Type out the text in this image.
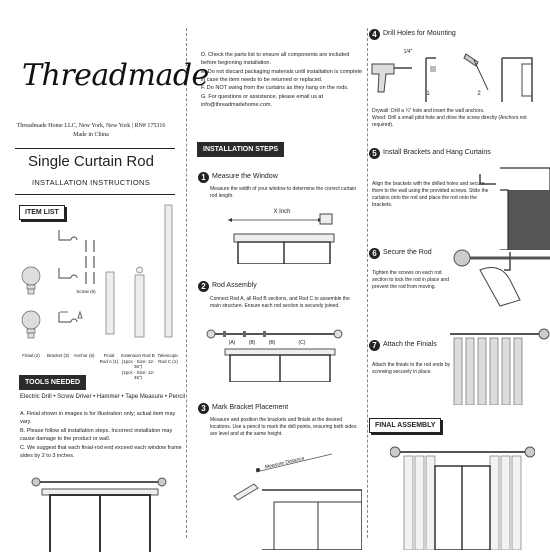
Threadmade
Threadmade Home LLC, New York, New York | RN# 175316
Made in China
Single Curtain Rod
INSTALLATION INSTRUCTIONS
ITEM LIST
Finial (2)	Bracket (3) Anchor (6)
Screw (6)
Finial
Rod A (1)
Extension Rod B
(1pcs - Size: 12-36")
(1pcs - Size: 12-46")
Telescopic
Rod C (1)
TOOLS NEEDED
Electric Drill • Screw Driver • Hammer • Tape Measure • Pencil
A. Finial shown in images is for illustration only; actual item may vary.
B. Please follow all installation steps. Incorrect installation may cause damage to the product or wall.
C. We suggest that each finial-rod end exceed each window frame sides by 2 to 3 inches.
D. Check the parts list to ensure all components are included before beginning installation.
E. Do not discard packaging materials until installation is complete in case the item needs to be returned or replaced.
F. Do NOT swing from the curtains as they hang on the rods.
G. For questions or assistance, please email us at info@threadmadehome.com.
INSTALLATION STEPS
1 Measure the Window
Measure the width of your window to determine the correct curtain rod length.
X Inch
2 Rod Assembly
Connect Rod A, all Rod B sections, and Rod C to assemble the main structure. Ensure each rod section is securely joined.
(A)	(B)	(B)	(C)
3 Mark Bracket Placement
Measure and position the brackets and finials at the desired locations. Use a pencil to mark the drill points, ensuring both sides are level and at the same height.
Measure Distance
4 Drill Holes for Mounting
1/4"
1	2
Drywall: Drill a ¼" hole and insert the wall anchors.
Wood: Drill a small pilot hole and drive the screw directly (Anchors not required).
5 Install Brackets and Hang Curtains
Align the brackets with the drilled holes and secure them to the wall using the provided screws. Slide the curtains onto the rod and place the rod onto the brackets.
6 Secure the Rod
Tighten the screws on each rod section to lock the rod in place and prevent the rod from moving.
7 Attach the Finials
Attach the finials to the rod ends by screwing securely in place.
FINAL ASSEMBLY
